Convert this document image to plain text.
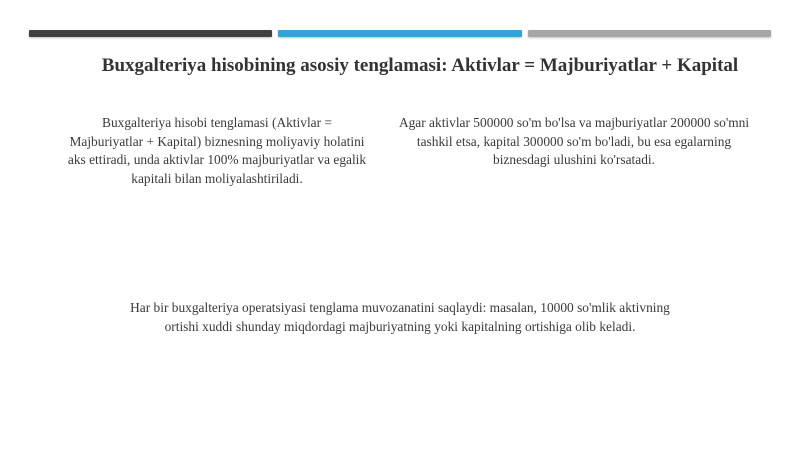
Buxgalteriya hisobining asosiy tenglamasi: Aktivlar = Majburiyatlar + Kapital

Buxgalteriya hisobi tenglamasi (Aktivlar = Majburiyatlar + Kapital) biznesning moliyaviy holatini aks ettiradi, unda aktivlar 100% majburiyatlar va egalik kapitali bilan moliyalashtiriladi.

Agar aktivlar 500000 so'm bo'lsa va majburiyatlar 200000 so'mni tashkil etsa, kapital 300000 so'm bo'ladi, bu esa egalarning biznesdagi ulushini ko'rsatadi.

Har bir buxgalteriya operatsiyasi tenglama muvozanatini saqlaydi: masalan, 10000 so'mlik aktivning ortishi xuddi shunday miqdordagi majburiyatning yoki kapitalning ortishiga olib keladi.
